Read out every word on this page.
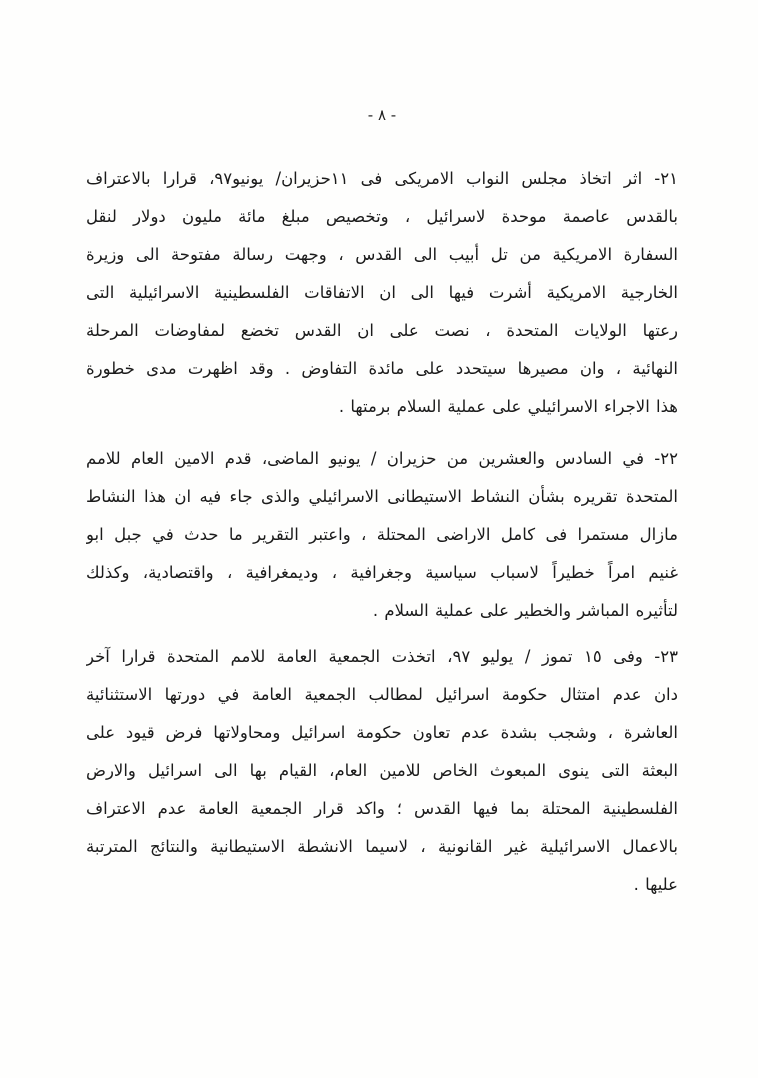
- ٨ -
٢١- اثر اتخاذ مجلس النواب الامريكى فى ١١حزيران/ يونيو٩٧، قرارا بالاعتراف
بالقدس عاصمة موحدة لاسرائيل ، وتخصيص مبلغ مائة مليون دولار لنقل
السفارة الامريكية من تل أبيب الى القدس ، وجهت رسالة مفتوحة الى وزيرة
الخارجية الامريكية أشرت فيها الى ان الاتفاقات الفلسطينية الاسرائيلية التى
رعتها الولايات المتحدة ، نصت على ان القدس تخضع لمفاوضات المرحلة
النهائية ، وان مصيرها سيتحدد على مائدة التفاوض . وقد اظهرت مدى خطورة
هذا الاجراء الاسرائيلي على عملية السلام برمتها .
٢٢- في السادس والعشرين من حزيران / يونيو الماضى، قدم الامين العام للامم
المتحدة تقريره بشأن النشاط الاستيطانى الاسرائيلي والذى جاء فيه ان هذا النشاط
مازال مستمرا فى كامل الاراضى المحتلة ، واعتبر التقرير ما حدث في جبل ابو
غنيم امراً خطيراً لاسباب سياسية وجغرافية ، وديمغرافية ، واقتصادية، وكذلك
لتأثيره المباشر والخطير على عملية السلام .
٢٣- وفى ١٥ تموز / يوليو ٩٧، اتخذت الجمعية العامة للامم المتحدة قرارا آخر
دان عدم امتثال حكومة اسرائيل لمطالب الجمعية العامة في دورتها الاستثنائية
العاشرة ، وشجب بشدة عدم تعاون حكومة اسرائيل ومحاولاتها فرض قيود على
البعثة التى ينوى المبعوث الخاص للامين العام، القيام بها الى اسرائيل والارض
الفلسطينية المحتلة بما فيها القدس ؛ واكد قرار الجمعية العامة عدم الاعتراف
بالاعمال الاسرائيلية غير القانونية ، لاسيما الانشطة الاستيطانية والنتائج المترتبة
عليها .
